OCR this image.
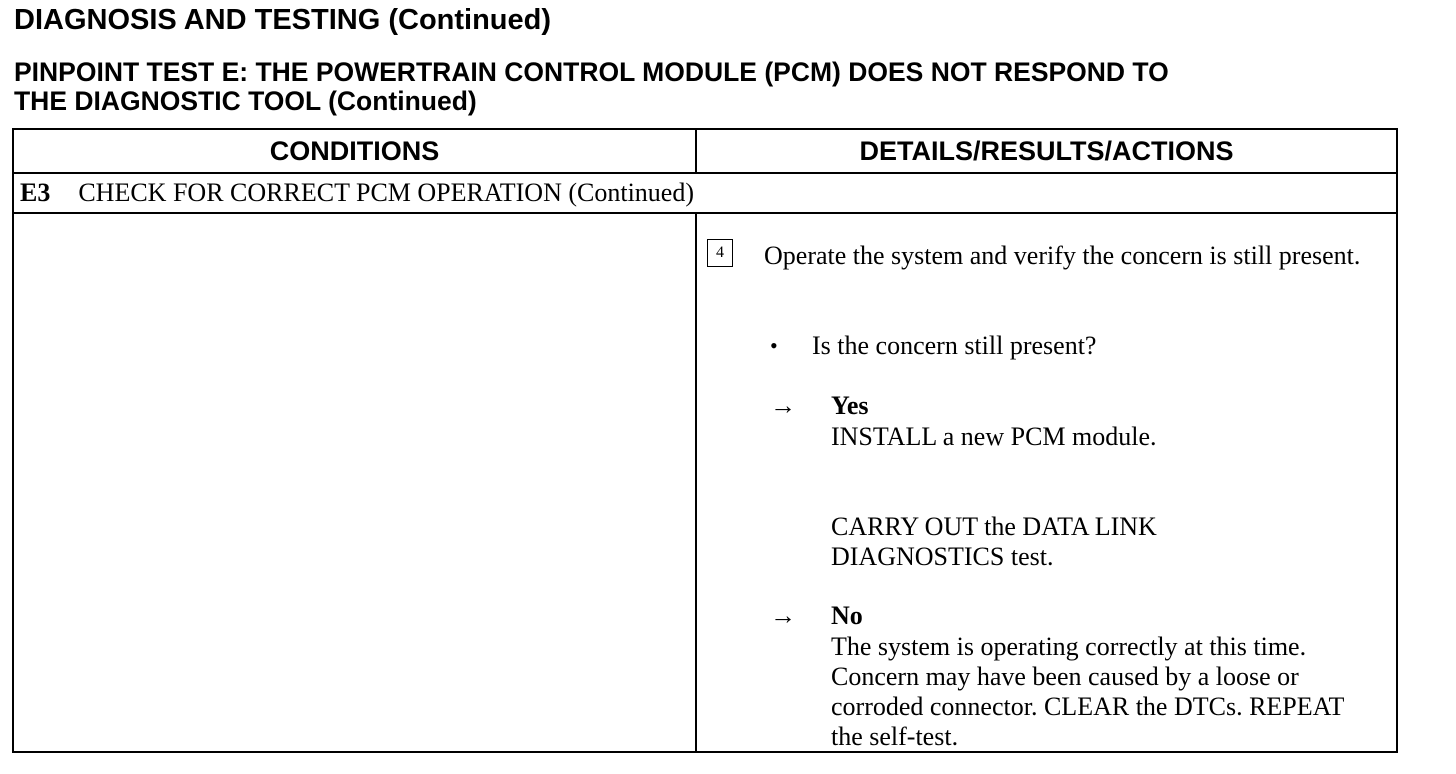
DIAGNOSIS AND TESTING (Continued)
PINPOINT TEST E: THE POWERTRAIN CONTROL MODULE (PCM) DOES NOT RESPOND TO
THE DIAGNOSTIC TOOL (Continued)
CONDITIONS	DETAILS/RESULTS/ACTIONS
E3 CHECK FOR CORRECT PCM OPERATION (Continued)
4	Operate the system and verify the concern is still present.
• Is the concern still present?
→ Yes
INSTALL a new PCM module.
CARRY OUT the DATA LINK DIAGNOSTICS test.
→ No
The system is operating correctly at this time. Concern may have been caused by a loose or corroded connector. CLEAR the DTCs. REPEAT the self-test.
